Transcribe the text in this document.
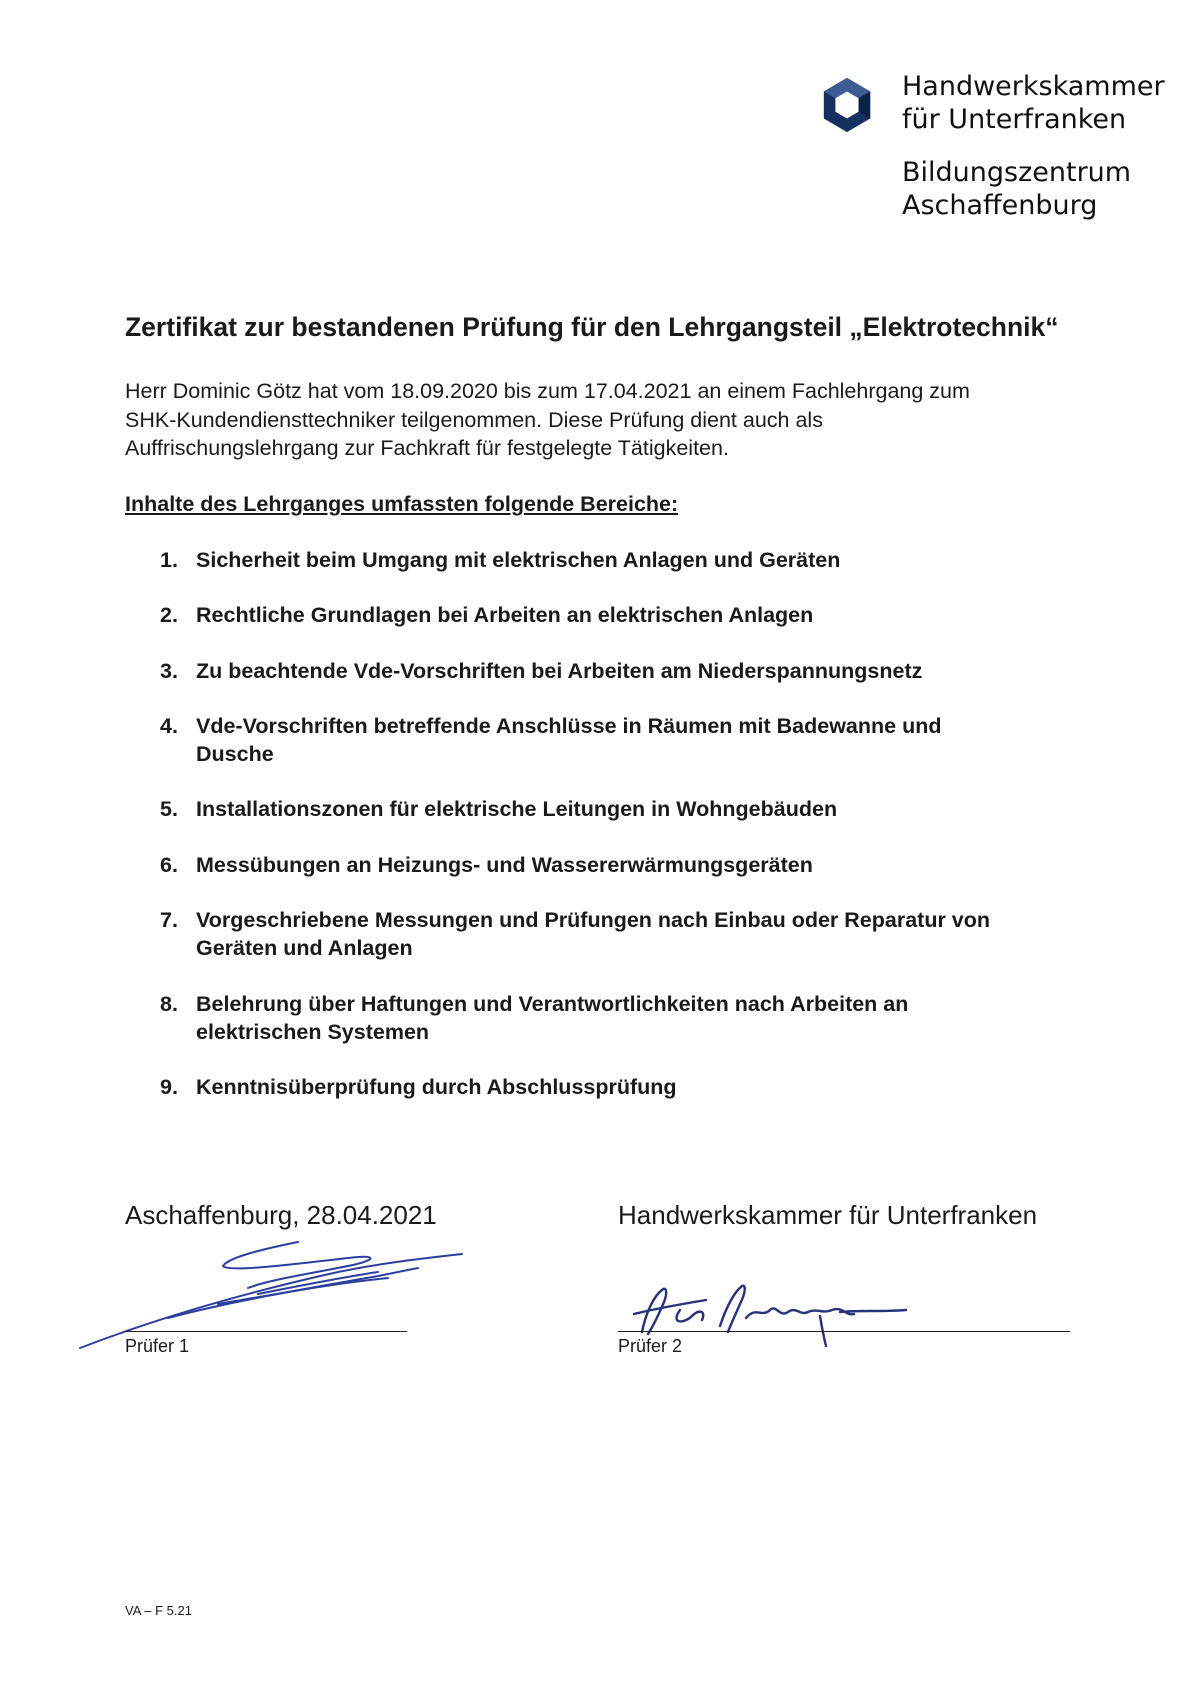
Handwerkskammer
für Unterfranken
Bildungszentrum
Aschaffenburg
Zertifikat zur bestandenen Prüfung für den Lehrgangsteil „Elektrotechnik“
Herr Dominic Götz hat vom 18.09.2020 bis zum 17.04.2021 an einem Fachlehrgang zum
SHK-Kundendiensttechniker teilgenommen. Diese Prüfung dient auch als
Auffrischungslehrgang zur Fachkraft für festgelegte Tätigkeiten.
Inhalte des Lehrganges umfassten folgende Bereiche:
1. Sicherheit beim Umgang mit elektrischen Anlagen und Geräten
2. Rechtliche Grundlagen bei Arbeiten an elektrischen Anlagen
3. Zu beachtende Vde-Vorschriften bei Arbeiten am Niederspannungsnetz
4. Vde-Vorschriften betreffende Anschlüsse in Räumen mit Badewanne und
Dusche
5. Installationszonen für elektrische Leitungen in Wohngebäuden
6. Messübungen an Heizungs- und Wassererwärmungsgeräten
7. Vorgeschriebene Messungen und Prüfungen nach Einbau oder Reparatur von
Geräten und Anlagen
8. Belehrung über Haftungen und Verantwortlichkeiten nach Arbeiten an
elektrischen Systemen
9. Kenntnisüberprüfung durch Abschlussprüfung
Aschaffenburg, 28.04.2021	Handwerkskammer für Unterfranken
Prüfer 1	Prüfer 2
VA – F 5.21
